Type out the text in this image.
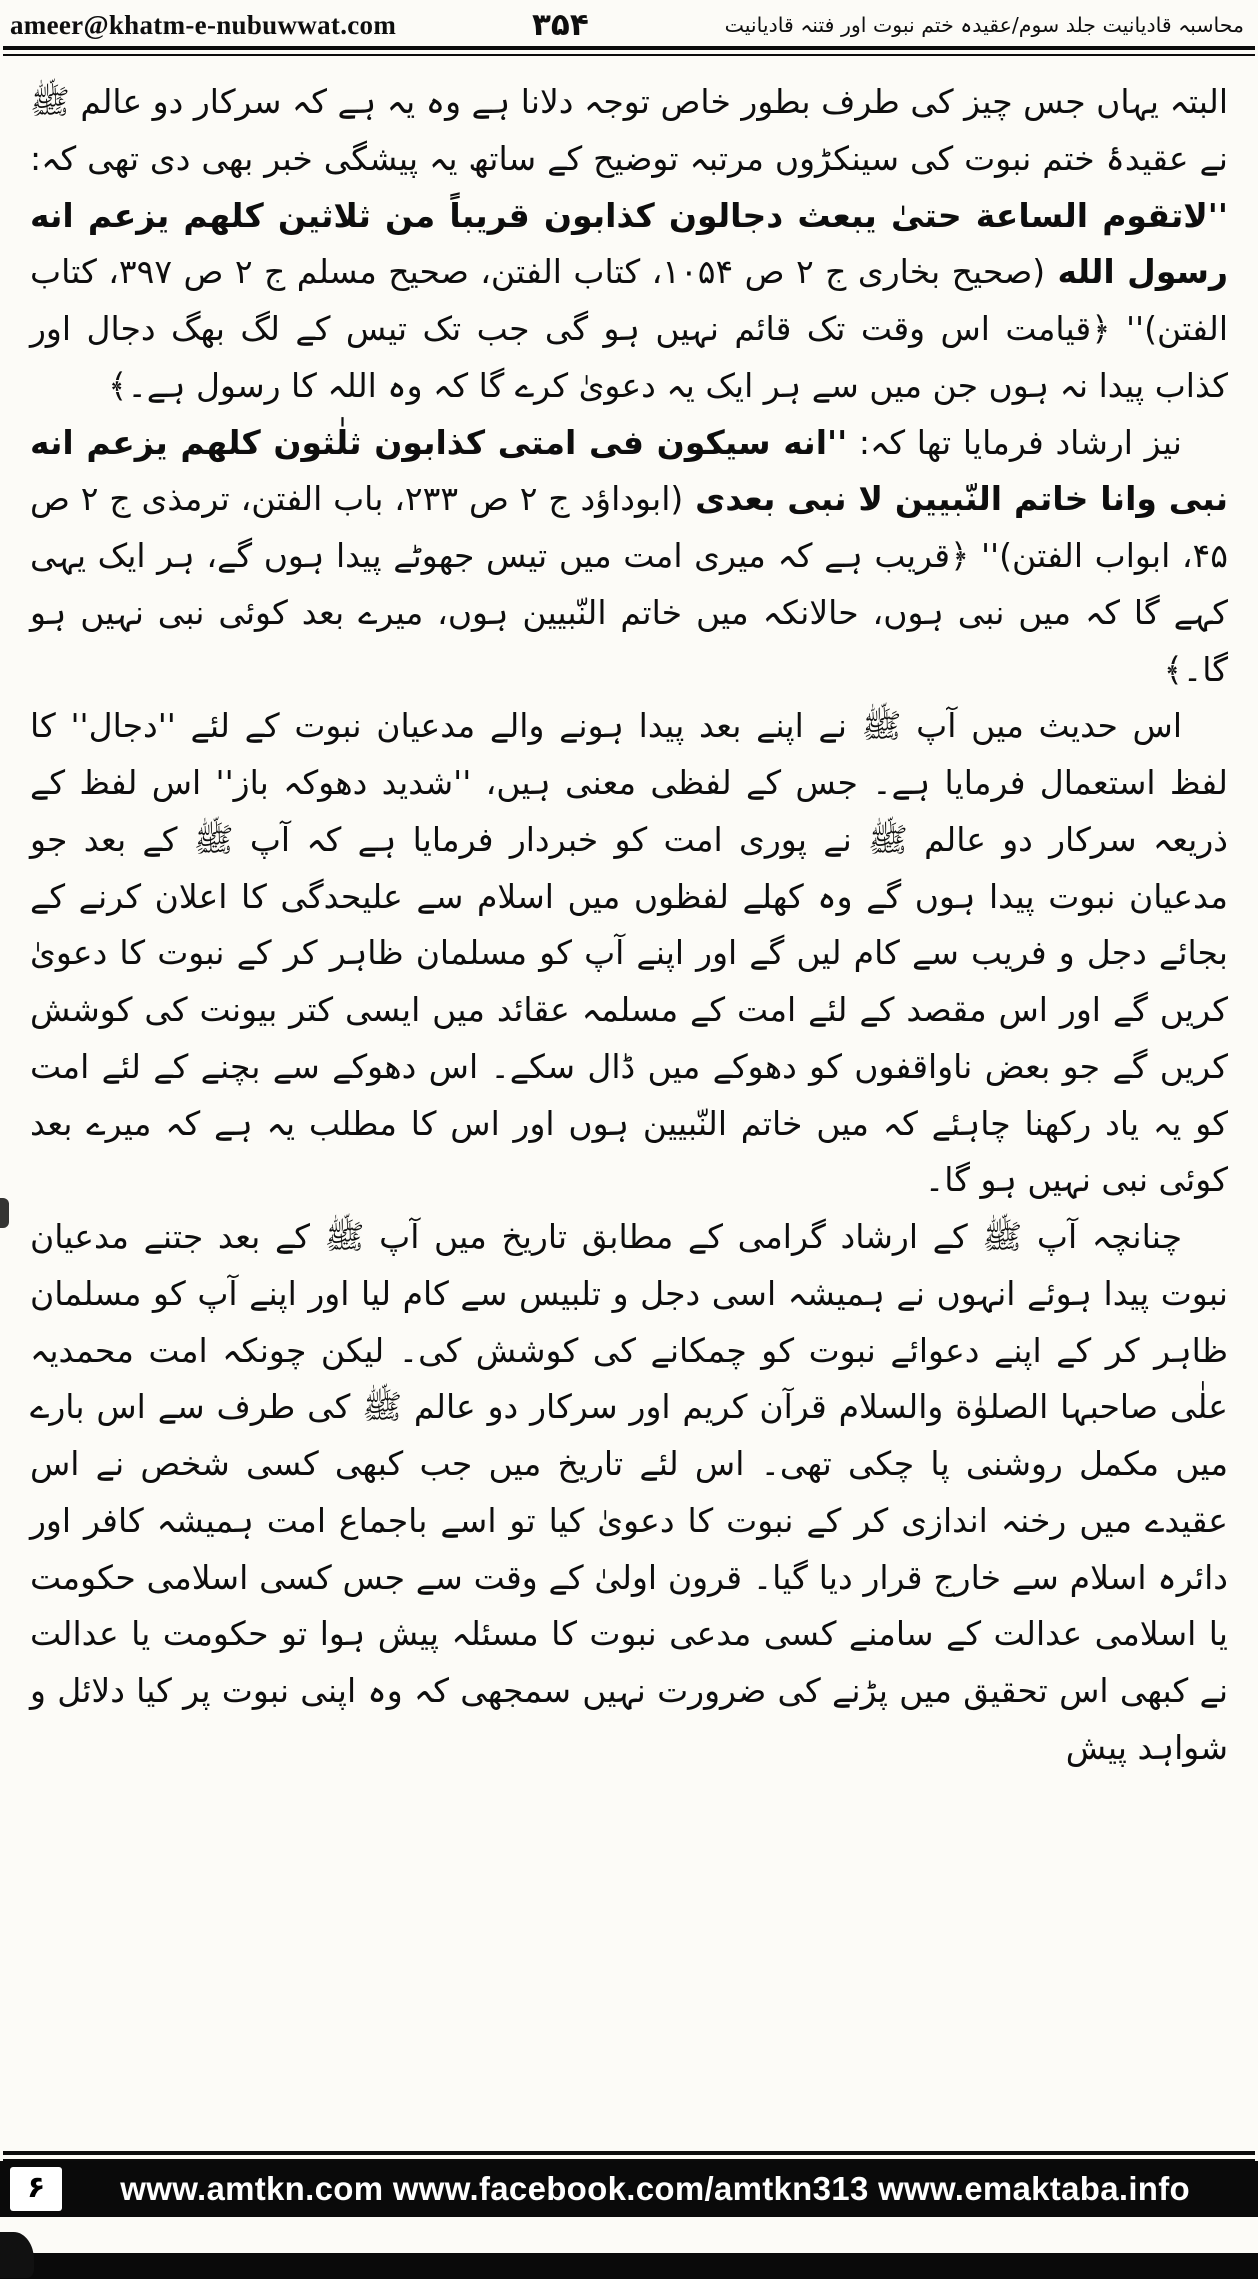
ameer@khatm-e-nubuwwat.com	۳۵۴	محاسبہ قادیانیت جلد سوم/عقیدہ ختم نبوت اور فتنہ قادیانیت

البتہ یہاں جس چیز کی طرف بطور خاص توجہ دلانا ہے وہ یہ ہے کہ سرکار دو عالم ﷺ نے عقیدۂ ختم نبوت کی سینکڑوں مرتبہ توضیح کے ساتھ یہ پیشگی خبر بھی دی تھی کہ: ''لاتقوم الساعة حتیٰ یبعث دجالون کذابون قریباً من ثلاثین کلهم یزعم انه رسول الله (صحیح بخاری ج ۲ ص ۱۰۵۴، کتاب الفتن، صحیح مسلم ج ۲ ص ۳۹۷، کتاب الفتن)'' ﴿قیامت اس وقت تک قائم نہیں ہو گی جب تک تیس کے لگ بھگ دجال اور کذاب پیدا نہ ہوں جن میں سے ہر ایک یہ دعویٰ کرے گا کہ وہ اللہ کا رسول ہے۔﴾

نیز ارشاد فرمایا تھا کہ: ''انه سیکون فی امتی کذابون ثلٰثون کلهم یزعم انه نبی وانا خاتم النّبیین لا نبی بعدی (ابوداؤد ج ۲ ص ۲۳۳، باب الفتن، ترمذی ج ۲ ص ۴۵، ابواب الفتن)'' ﴿قریب ہے کہ میری امت میں تیس جھوٹے پیدا ہوں گے، ہر ایک یہی کہے گا کہ میں نبی ہوں، حالانکہ میں خاتم النّبیین ہوں، میرے بعد کوئی نبی نہیں ہو گا۔﴾

اس حدیث میں آپ ﷺ نے اپنے بعد پیدا ہونے والے مدعیان نبوت کے لئے ''دجال'' کا لفظ استعمال فرمایا ہے۔ جس کے لفظی معنی ہیں، ''شدید دھوکہ باز'' اس لفظ کے ذریعہ سرکار دو عالم ﷺ نے پوری امت کو خبردار فرمایا ہے کہ آپ ﷺ کے بعد جو مدعیان نبوت پیدا ہوں گے وہ کھلے لفظوں میں اسلام سے علیحدگی کا اعلان کرنے کے بجائے دجل و فریب سے کام لیں گے اور اپنے آپ کو مسلمان ظاہر کر کے نبوت کا دعویٰ کریں گے اور اس مقصد کے لئے امت کے مسلمہ عقائد میں ایسی کتر بیونت کی کوشش کریں گے جو بعض ناواقفوں کو دھوکے میں ڈال سکے۔ اس دھوکے سے بچنے کے لئے امت کو یہ یاد رکھنا چاہئے کہ میں خاتم النّبیین ہوں اور اس کا مطلب یہ ہے کہ میرے بعد کوئی نبی نہیں ہو گا۔

چنانچہ آپ ﷺ کے ارشاد گرامی کے مطابق تاریخ میں آپ ﷺ کے بعد جتنے مدعیان نبوت پیدا ہوئے انہوں نے ہمیشہ اسی دجل و تلبیس سے کام لیا اور اپنے آپ کو مسلمان ظاہر کر کے اپنے دعوائے نبوت کو چمکانے کی کوشش کی۔ لیکن چونکہ امت محمدیہ علٰی صاحبہا الصلوٰة والسلام قرآن کریم اور سرکار دو عالم ﷺ کی طرف سے اس بارے میں مکمل روشنی پا چکی تھی۔ اس لئے تاریخ میں جب کبھی کسی شخص نے اس عقیدے میں رخنہ اندازی کر کے نبوت کا دعویٰ کیا تو اسے باجماع امت ہمیشہ کافر اور دائرہ اسلام سے خارج قرار دیا گیا۔ قرون اولیٰ کے وقت سے جس کسی اسلامی حکومت یا اسلامی عدالت کے سامنے کسی مدعی نبوت کا مسئلہ پیش ہوا تو حکومت یا عدالت نے کبھی اس تحقیق میں پڑنے کی ضرورت نہیں سمجھی کہ وہ اپنی نبوت پر کیا دلائل و شواہد پیش

۶	www.amtkn.com www.facebook.com/amtkn313 www.emaktaba.info
